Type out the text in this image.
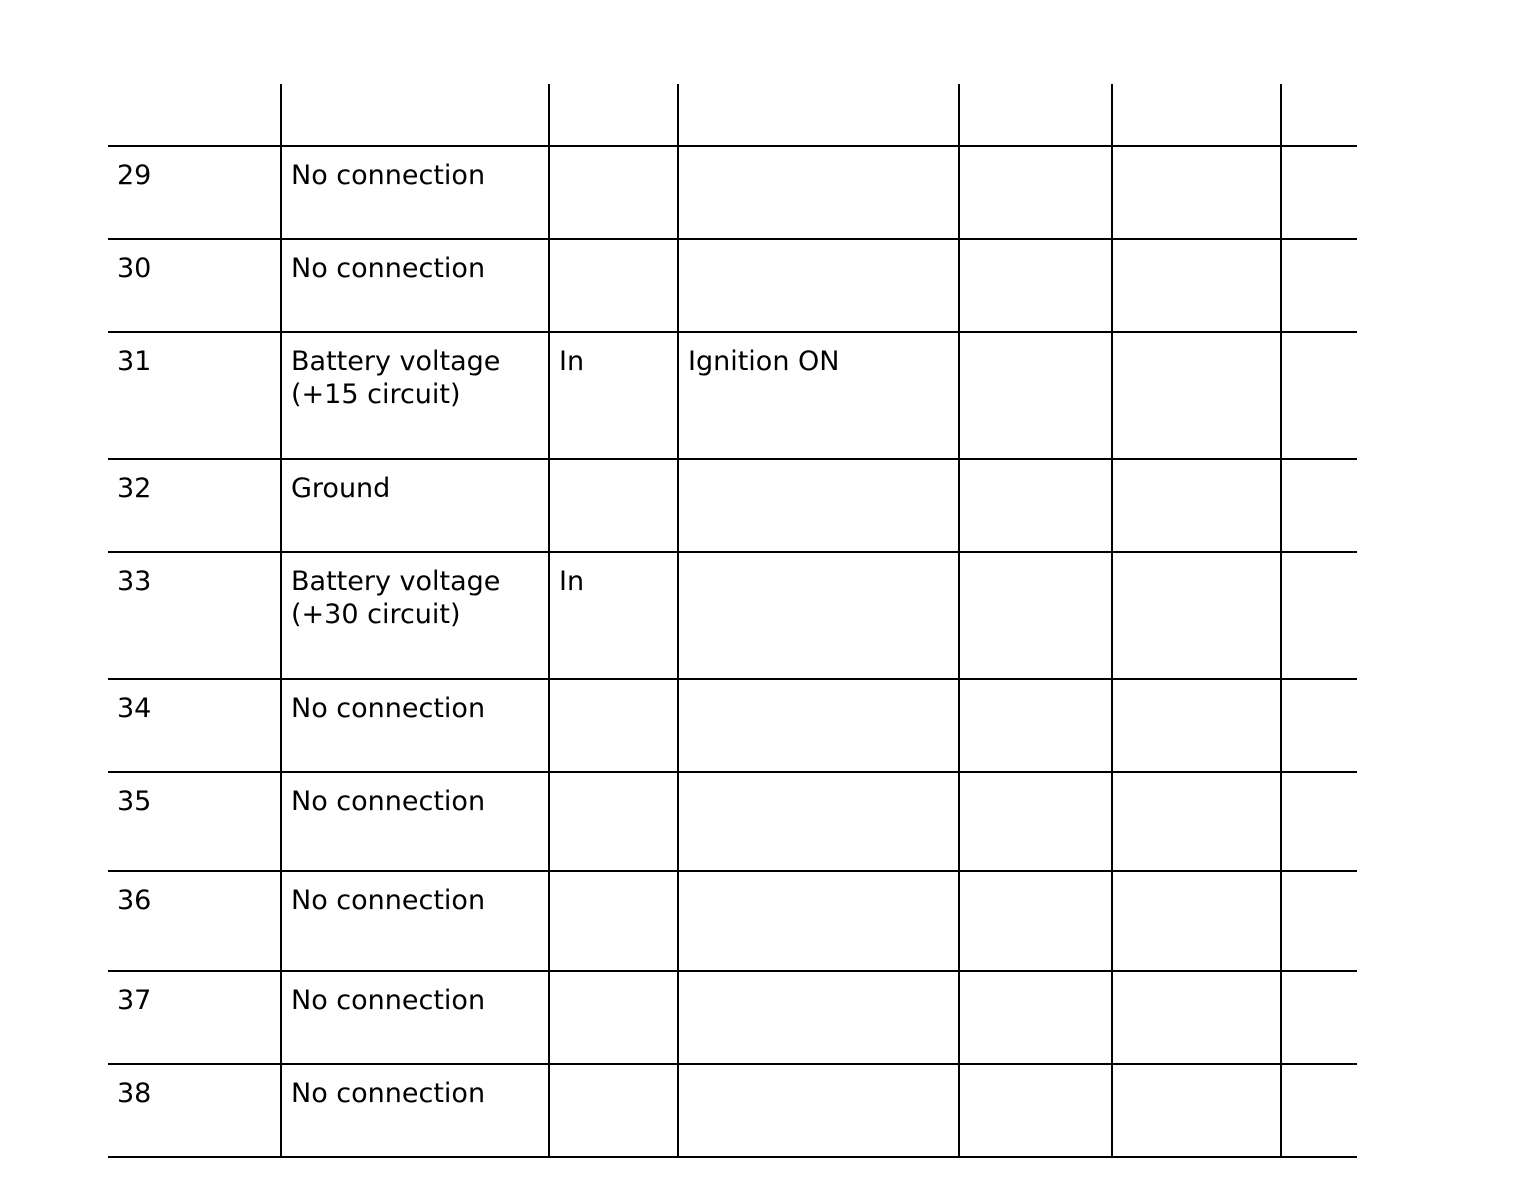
29	No connection					
30	No connection					
31	Battery voltage (+15 circuit)	In	Ignition ON			
32	Ground					
33	Battery voltage (+30 circuit)	In				
34	No connection					
35	No connection					
36	No connection					
37	No connection					
38	No connection					
